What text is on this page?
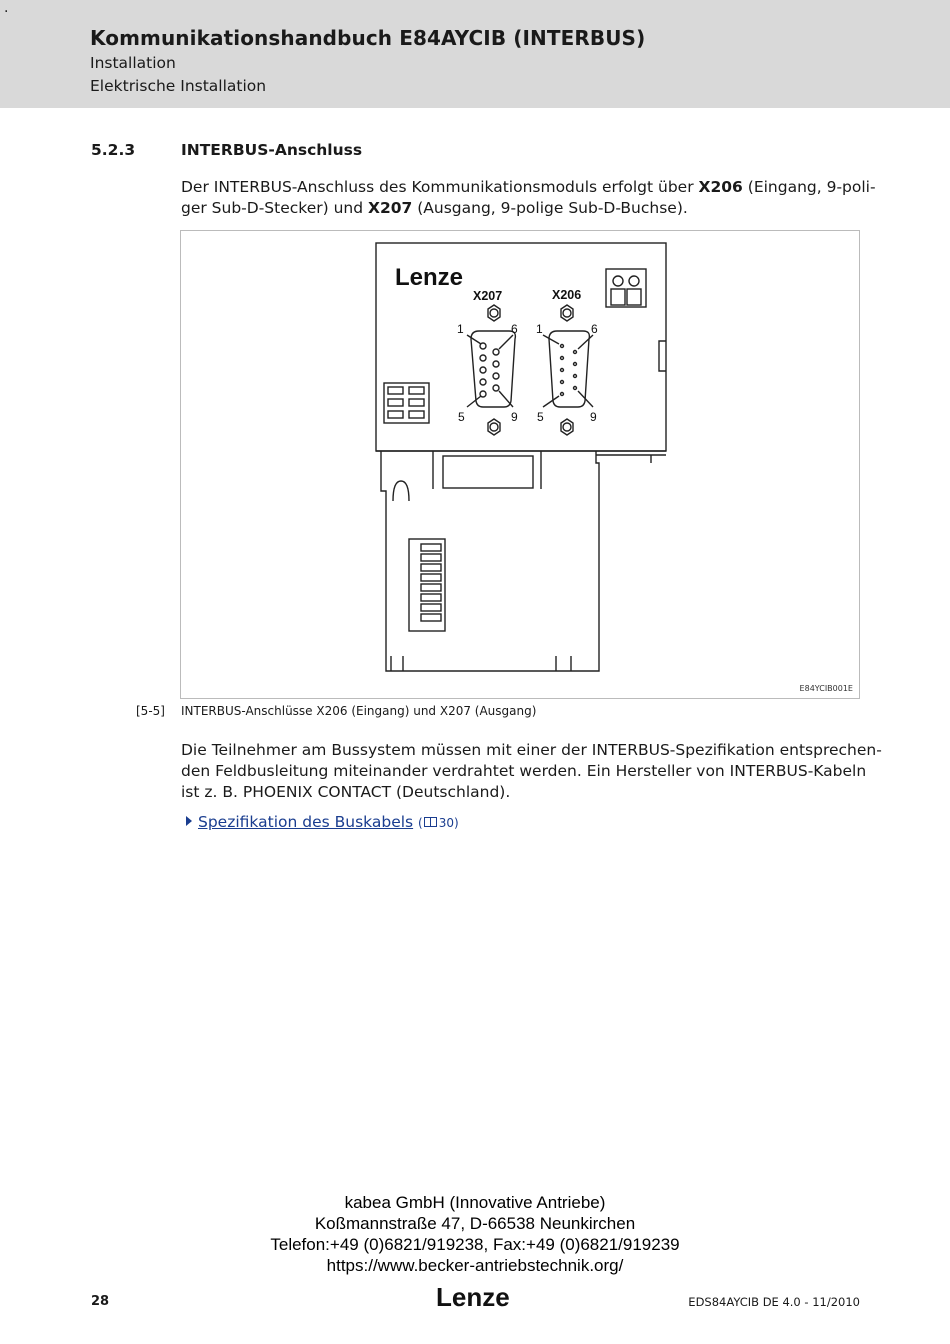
.
Kommunikationshandbuch E84AYCIB (INTERBUS)
Installation
Elektrische Installation
5.2.3	INTERBUS-Anschluss
Der INTERBUS-Anschluss des Kommunikationsmoduls erfolgt über X206 (Eingang, 9-poli-
ger Sub-D-Stecker) und X207 (Ausgang, 9-polige Sub-D-Buchse).
Lenze
X207	X206
1	6
5	9
1	6
5	9
E84YCIB001E
[5-5] INTERBUS-Anschlüsse X206 (Eingang) und X207 (Ausgang)
Die Teilnehmer am Bussystem müssen mit einer der INTERBUS-Spezifikation entsprechen-
den Feldbusleitung miteinander verdrahtet werden. Ein Hersteller von INTERBUS-Kabeln
ist z. B. PHOENIX CONTACT (Deutschland).
Spezifikation des Buskabels ( 30)
kabea GmbH (Innovative Antriebe)
Koßmannstraße 47, D-66538 Neunkirchen
Telefon:+49 (0)6821/919238, Fax:+49 (0)6821/919239
https://www.becker-antriebstechnik.org/
28	Lenze	EDS84AYCIB DE 4.0 - 11/2010
